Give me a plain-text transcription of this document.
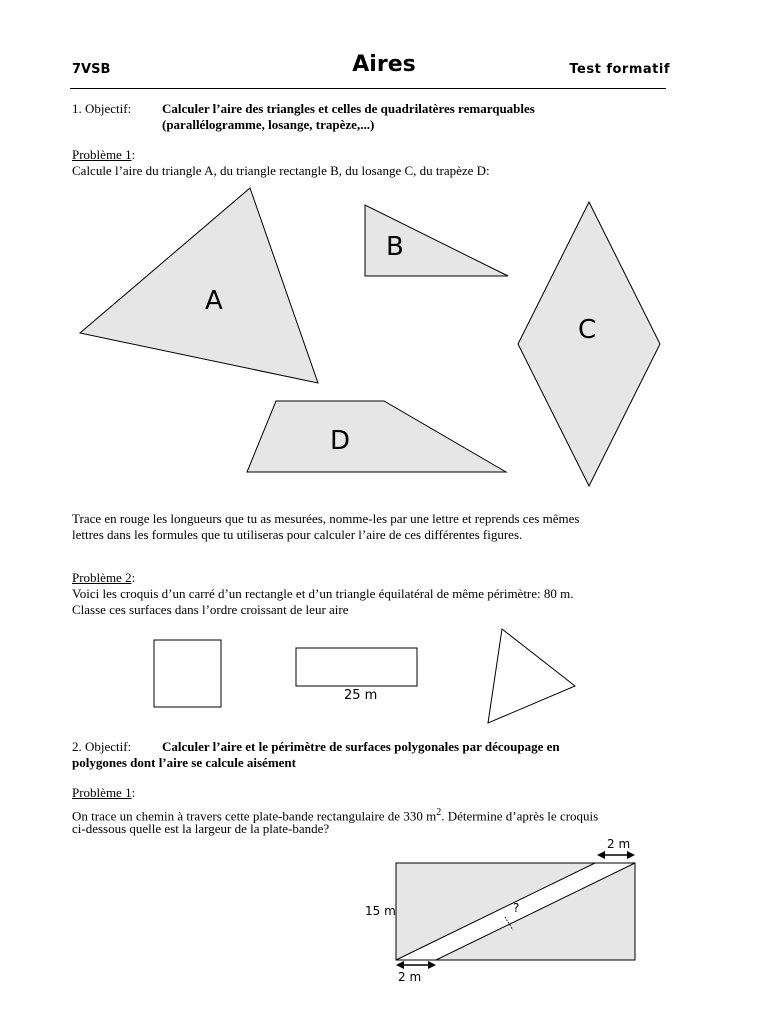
7VSB	Aires	Test formatif
1. Objectif: Calculer l’aire des triangles et celles de quadrilatères remarquables
(parallélogramme, losange, trapèze,...)
Problème 1:
Calcule l’aire du triangle A, du triangle rectangle B, du losange C, du trapèze D:
A
B
C
D
Trace en rouge les longueurs que tu as mesurées, nomme-les par une lettre et reprends ces mêmes
lettres dans les formules que tu utiliseras pour calculer l’aire de ces différentes figures.
Problème 2:
Voici les croquis d’un carré d’un rectangle et d’un triangle équilatéral de même périmètre: 80 m.
Classe ces surfaces dans l’ordre croissant de leur aire
25 m
2. Objectif: Calculer l’aire et le périmètre de surfaces polygonales par découpage en
polygones dont l’aire se calcule aisément
Problème 1:
On trace un chemin à travers cette plate-bande rectangulaire de 330 $m^2$. Détermine d’après le croquis
ci-dessous quelle est la largeur de la plate-bande?
2 m
15 m
2 m
?
